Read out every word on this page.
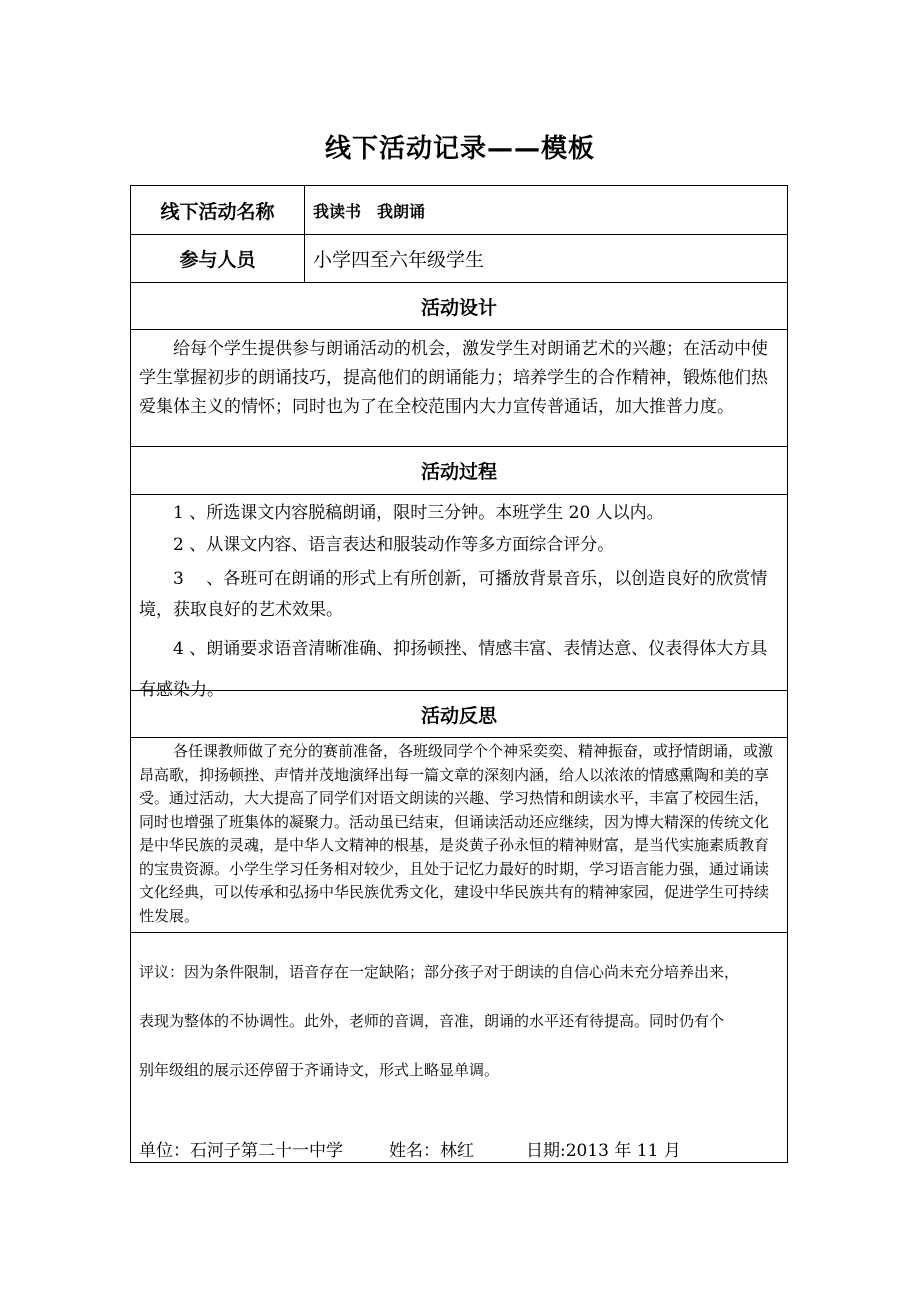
线下活动记录——模板
线下活动名称	我读书　我朗诵
参与人员	小学四至六年级学生
活动设计
给每个学生提供参与朗诵活动的机会，激发学生对朗诵艺术的兴趣；在活动中使学生掌握初步的朗诵技巧，提高他们的朗诵能力；培养学生的合作精神，锻炼他们热爱集体主义的情怀；同时也为了在全校范围内大力宣传普通话，加大推普力度。
活动过程

1 、所选课文内容脱稿朗诵，限时三分钟。本班学生 20 人以内。

2 、从课文内容、语言表达和服装动作等多方面综合评分。

3　 、各班可在朗诵的形式上有所创新，可播放背景音乐，以创造良好的欣赏情境，获取良好的艺术效果。

4 、朗诵要求语音清晰准确、抑扬顿挫、情感丰富、表情达意、仪表得体大方具有感染力。

活动反思
各任课教师做了充分的赛前准备，各班级同学个个神采奕奕、精神振奋，或抒情朗诵，或激昂高歌，抑扬顿挫、声情并茂地演绎出每一篇文章的深刻内涵，给人以浓浓的情感熏陶和美的享受。通过活动，大大提高了同学们对语文朗读的兴趣、学习热情和朗读水平，丰富了校园生活，同时也增强了班集体的凝聚力。活动虽已结束，但诵读活动还应继续，因为博大精深的传统文化是中华民族的灵魂，是中华人文精神的根基，是炎黄子孙永恒的精神财富，是当代实施素质教育的宝贵资源。小学生学习任务相对较少，且处于记忆力最好的时期，学习语言能力强，通过诵读文化经典，可以传承和弘扬中华民族优秀文化，建设中华民族共有的精神家园，促进学生可持续性发展。

评议：因为条件限制，语音存在一定缺陷；部分孩子对于朗读的自信心尚未充分培养出来，

表现为整体的不协调性。此外，老师的音调，音准，朗诵的水平还有待提高。同时仍有个

别年级组的展示还停留于齐诵诗文，形式上略显单调。

单位：石河子第二十一中学	姓名：林红	日期:2013 年 11 月
